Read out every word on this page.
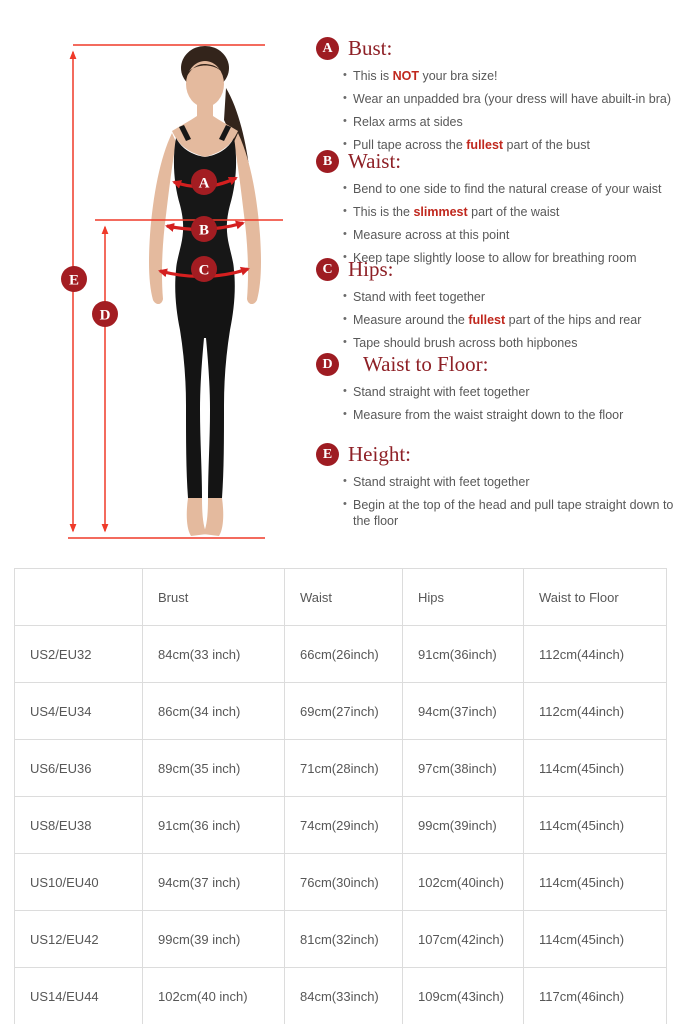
A
B
C
D
E
A Bust:
• This is NOT your bra size!
• Wear an unpadded bra (your dress will have abuilt-in bra)
• Relax arms at sides
• Pull tape across the fullest part of the bust
B Waist:
• Bend to one side to find the natural crease of your waist
• This is the slimmest part of the waist
• Measure across at this point
• Keep tape slightly loose to allow for breathing room
C Hips:
• Stand with feet together
• Measure around the fullest part of the hips and rear
• Tape should brush across both hipbones
D	Waist to Floor:
• Stand straight with feet together
• Measure from the waist straight down to the floor
E Height:
• Stand straight with feet together
• Begin at the top of the head and pull tape straight down to the floor
	Brust	Waist	Hips	Waist to Floor
US2/EU32	84cm(33 inch)	66cm(26inch)	91cm(36inch)	112cm(44inch)
US4/EU34	86cm(34 inch)	69cm(27inch)	94cm(37inch)	112cm(44inch)
US6/EU36	89cm(35 inch)	71cm(28inch)	97cm(38inch)	114cm(45inch)
US8/EU38	91cm(36 inch)	74cm(29inch)	99cm(39inch)	114cm(45inch)
US10/EU40	94cm(37 inch)	76cm(30inch)	102cm(40inch)	114cm(45inch)
US12/EU42	99cm(39 inch)	81cm(32inch)	107cm(42inch)	114cm(45inch)
US14/EU44	102cm(40 inch)	84cm(33inch)	109cm(43inch)	117cm(46inch)
